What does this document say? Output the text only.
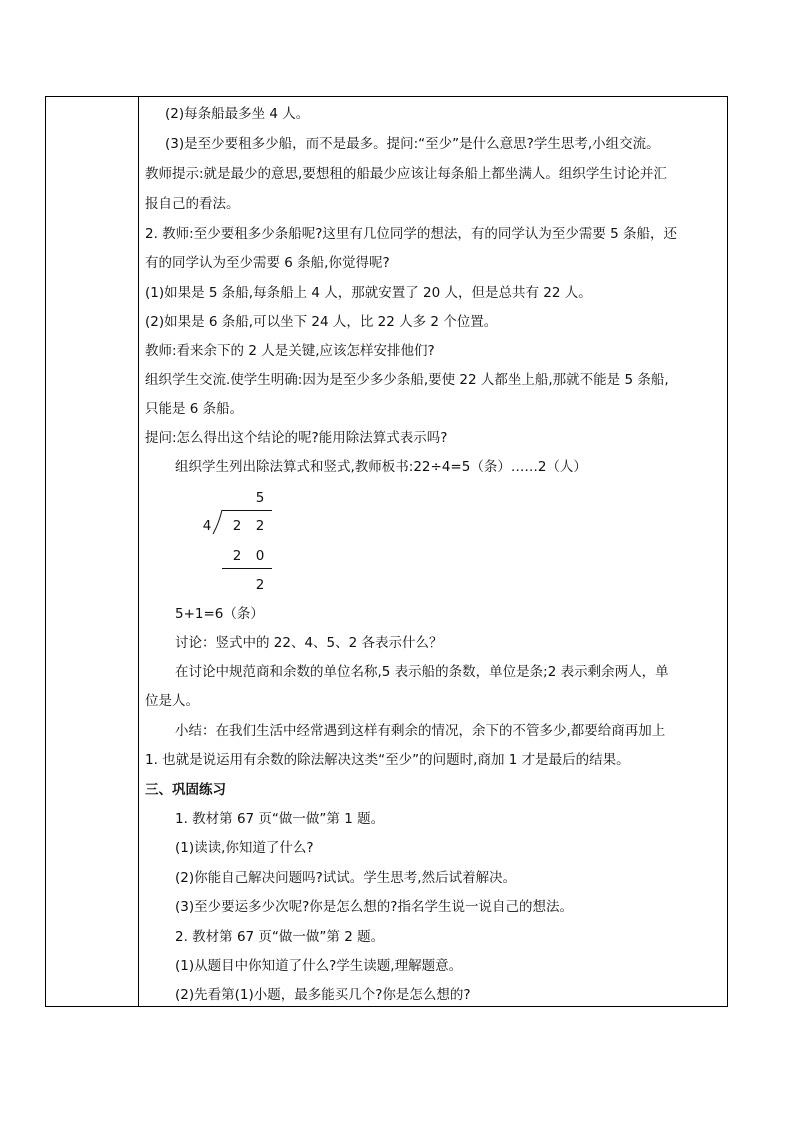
(2)每条船最多坐 4 人。
(3)是至少要租多少船，而不是最多。提问:“至少”是什么意思?学生思考,小组交流。
教师提示:就是最少的意思,要想租的船最少应该让每条船上都坐满人。组织学生讨论并汇
报自己的看法。
2. 教师:至少要租多少条船呢?这里有几位同学的想法，有的同学认为至少需要 5 条船，还
有的同学认为至少需要 6 条船,你觉得呢?
(1)如果是 5 条船,每条船上 4 人，那就安置了 20 人，但是总共有 22 人。
(2)如果是 6 条船,可以坐下 24 人，比 22 人多 2 个位置。
教师:看来余下的 2 人是关键,应该怎样安排他们?
组织学生交流.使学生明确:因为是至少多少条船,要使 22 人都坐上船,那就不能是 5 条船,
只能是 6 条船。
提问:怎么得出这个结论的呢?能用除法算式表示吗?
组织学生列出除法算式和竖式,教师板书:22÷4=5（条）……2（人）
5
4 2 2
2 0
2
5+1=6（条）
讨论：竖式中的 22、4、5、2 各表示什么？
在讨论中规范商和余数的单位名称,5 表示船的条数，单位是条;2 表示剩余两人，单
位是人。
小结：在我们生活中经常遇到这样有剩余的情况，余下的不管多少,都要给商再加上
1. 也就是说运用有余数的除法解决这类“至少”的问题时,商加 1 才是最后的结果。
三、巩固练习
1. 教材第 67 页“做一做”第 1 题。
(1)读读,你知道了什么?
(2)你能自己解决问题吗?试试。学生思考,然后试着解决。
(3)至少要运多少次呢?你是怎么想的?指名学生说一说自己的想法。
2. 教材第 67 页“做一做”第 2 题。
(1)从题目中你知道了什么?学生读题,理解题意。
(2)先看第(1)小题，最多能买几个?你是怎么想的?
